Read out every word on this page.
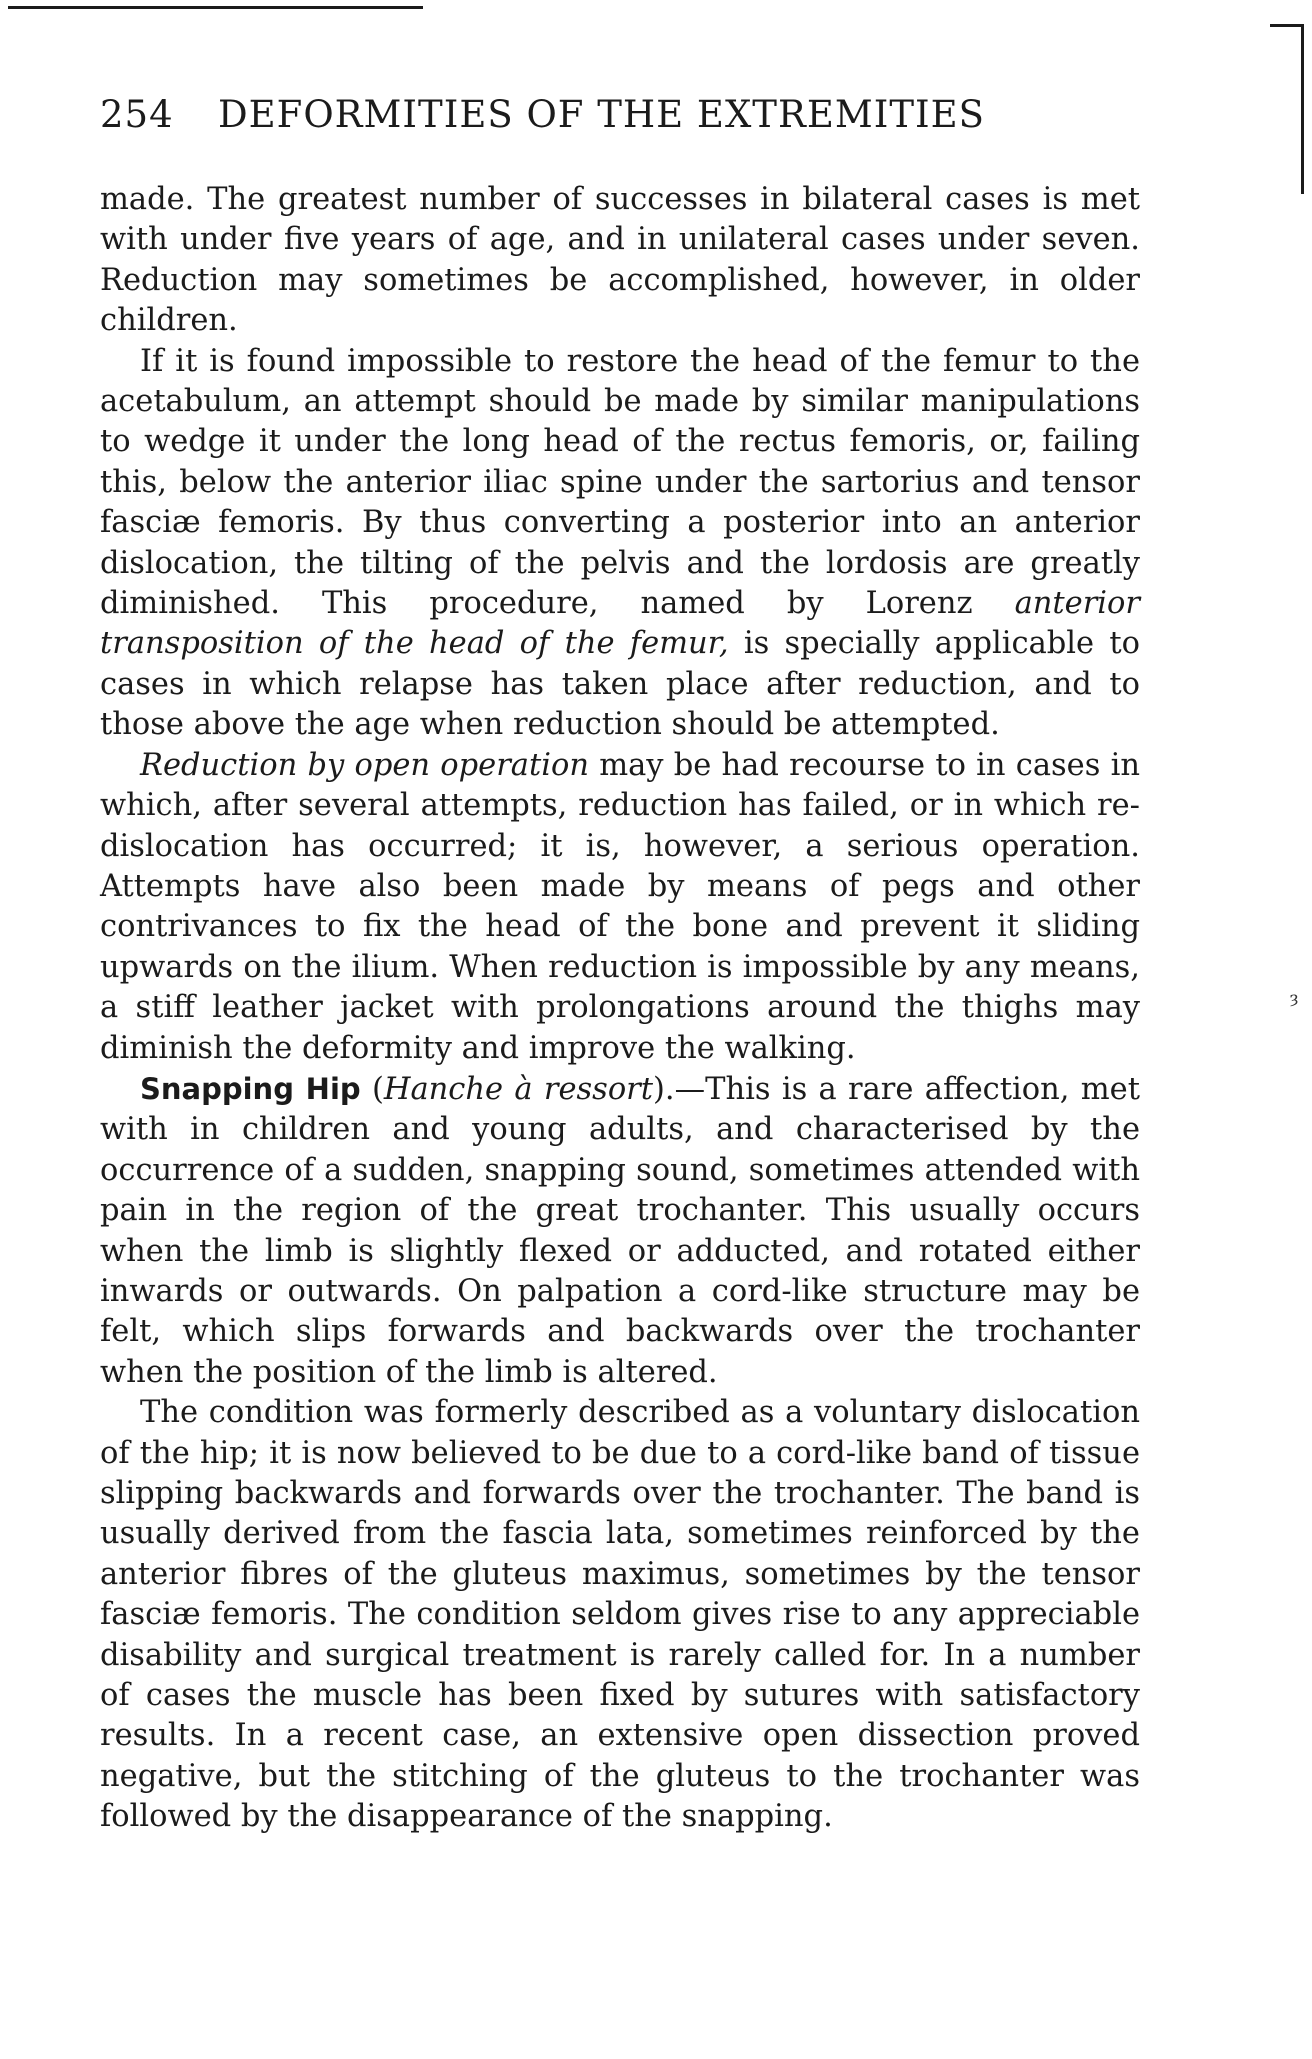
ȝ
254 DEFORMITIES OF THE EXTREMITIES

made. The greatest number of successes in bilateral cases is met with under five years of age, and in unilateral cases under seven. Reduction may sometimes be accomplished, however, in older children.

If it is found impossible to restore the head of the femur to the acetabulum, an attempt should be made by similar manipulations to wedge it under the long head of the rectus femoris, or, failing this, below the anterior iliac spine under the sartorius and tensor fasciæ femoris. By thus converting a posterior into an anterior dislocation, the tilting of the pelvis and the lordosis are greatly diminished. This procedure, named by Lorenz anterior transposition of the head of the femur, is specially applicable to cases in which relapse has taken place after reduction, and to those above the age when reduction should be attempted.

Reduction by open operation may be had recourse to in cases in which, after several attempts, reduction has failed, or in which re-dislocation has occurred; it is, however, a serious operation. Attempts have also been made by means of pegs and other contrivances to fix the head of the bone and prevent it sliding upwards on the ilium. When reduction is impossible by any means, a stiff leather jacket with prolongations around the thighs may diminish the deformity and improve the walking.

Snapping Hip (Hanche à ressort).—This is a rare affection, met with in children and young adults, and characterised by the occurrence of a sudden, snapping sound, sometimes attended with pain in the region of the great trochanter. This usually occurs when the limb is slightly flexed or adducted, and rotated either inwards or outwards. On palpation a cord-like structure may be felt, which slips forwards and backwards over the trochanter when the position of the limb is altered.

The condition was formerly described as a voluntary dislocation of the hip; it is now believed to be due to a cord-like band of tissue slipping backwards and forwards over the trochanter. The band is usually derived from the fascia lata, sometimes reinforced by the anterior fibres of the gluteus maximus, sometimes by the tensor fasciæ femoris. The condition seldom gives rise to any appreciable disability and surgical treatment is rarely called for. In a number of cases the muscle has been fixed by sutures with satisfactory results. In a recent case, an extensive open dissection proved negative, but the stitching of the gluteus to the trochanter was followed by the disappearance of the snapping.
